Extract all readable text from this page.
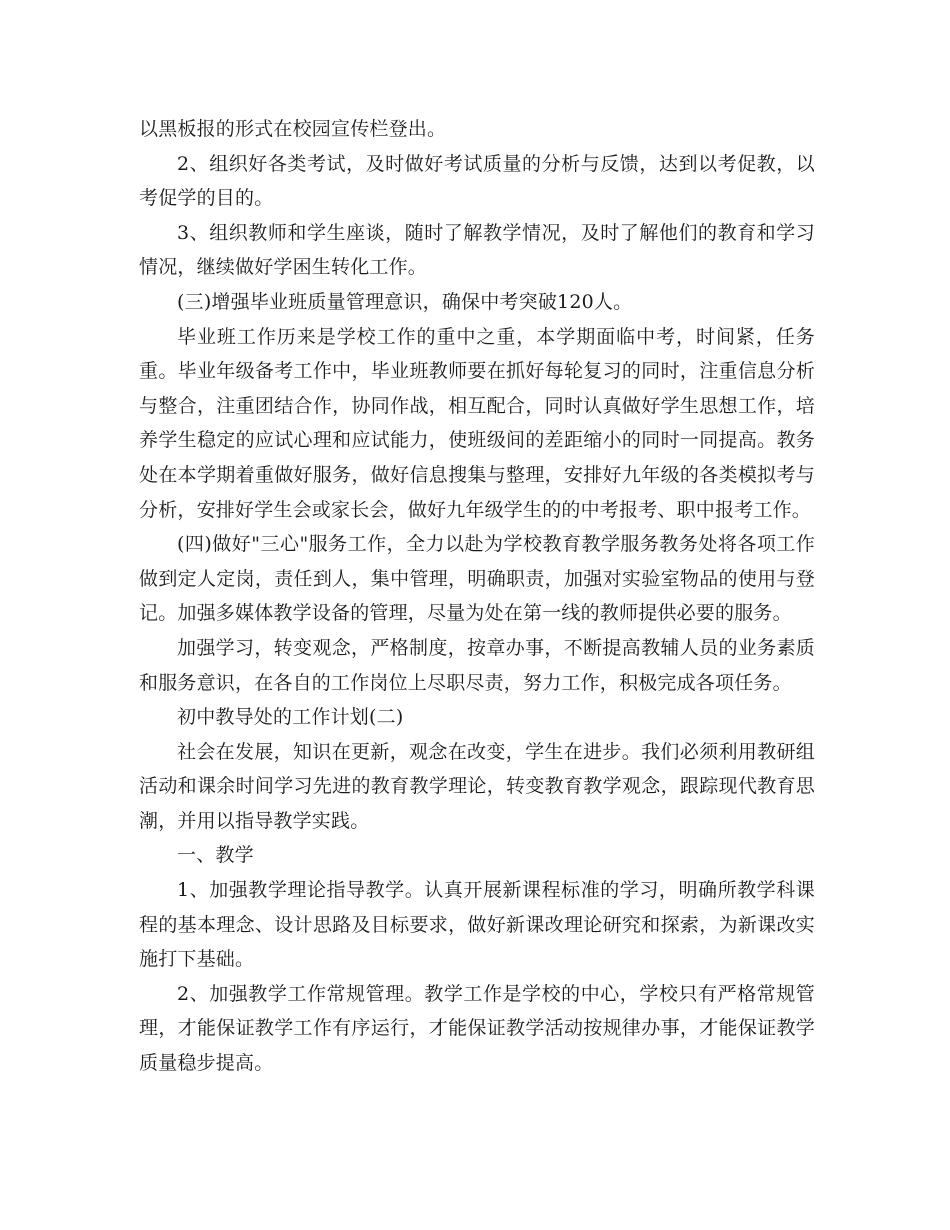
以黑板报的形式在校园宣传栏登出。

2、组织好各类考试，及时做好考试质量的分析与反馈，达到以考促教，以考促学的目的。

3、组织教师和学生座谈，随时了解教学情况，及时了解他们的教育和学习情况，继续做好学困生转化工作。

(三)增强毕业班质量管理意识，确保中考突破120人。

毕业班工作历来是学校工作的重中之重，本学期面临中考，时间紧，任务重。毕业年级备考工作中，毕业班教师要在抓好每轮复习的同时，注重信息分析与整合，注重团结合作，协同作战，相互配合，同时认真做好学生思想工作，培养学生稳定的应试心理和应试能力，使班级间的差距缩小的同时一同提高。教务处在本学期着重做好服务，做好信息搜集与整理，安排好九年级的各类模拟考与分析，安排好学生会或家长会，做好九年级学生的的中考报考、职中报考工作。

(四)做好"三心"服务工作，全力以赴为学校教育教学服务教务处将各项工作做到定人定岗，责任到人，集中管理，明确职责，加强对实验室物品的使用与登记。加强多媒体教学设备的管理，尽量为处在第一线的教师提供必要的服务。

加强学习，转变观念，严格制度，按章办事，不断提高教辅人员的业务素质和服务意识，在各自的工作岗位上尽职尽责，努力工作，积极完成各项任务。

初中教导处的工作计划(二)

社会在发展，知识在更新，观念在改变，学生在进步。我们必须利用教研组活动和课余时间学习先进的教育教学理论，转变教育教学观念，跟踪现代教育思潮，并用以指导教学实践。

一、教学

1、加强教学理论指导教学。认真开展新课程标准的学习，明确所教学科课程的基本理念、设计思路及目标要求，做好新课改理论研究和探索，为新课改实施打下基础。

2、加强教学工作常规管理。教学工作是学校的中心，学校只有严格常规管理，才能保证教学工作有序运行，才能保证教学活动按规律办事，才能保证教学质量稳步提高。
